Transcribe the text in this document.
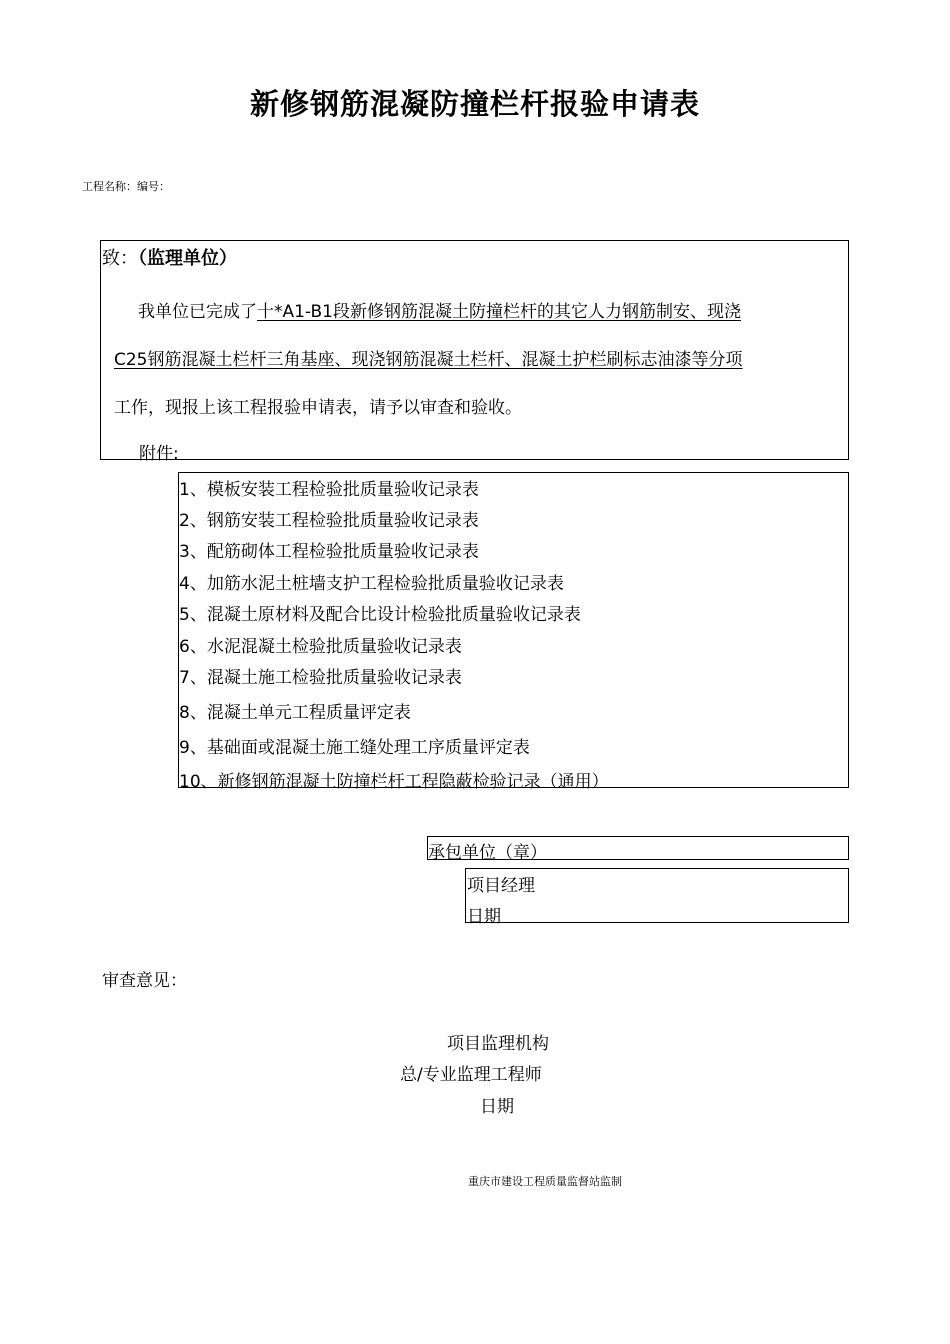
新修钢筋混凝防撞栏杆报验申请表
工程名称：编号：
致：（监理单位）
我单位已完成了十*A1-B1段新修钢筋混凝土防撞栏杆的其它人力钢筋制安、现浇
C25钢筋混凝土栏杆三角基座、现浇钢筋混凝土栏杆、混凝土护栏刷标志油漆等分项
工作，现报上该工程报验申请表，请予以审查和验收。
附件:
1、模板安装工程检验批质量验收记录表
2、钢筋安装工程检验批质量验收记录表
3、配筋砌体工程检验批质量验收记录表
4、加筋水泥土桩墙支护工程检验批质量验收记录表
5、混凝土原材料及配合比设计检验批质量验收记录表
6、水泥混凝土检验批质量验收记录表
7、混凝土施工检验批质量验收记录表
8、混凝土单元工程质量评定表
9、基础面或混凝土施工缝处理工序质量评定表
10、新修钢筋混凝土防撞栏杆工程隐蔽检验记录（通用）
承包单位（章）
项目经理
日期
审查意见：
项目监理机构
总/专业监理工程师
日期
重庆市建设工程质量监督站监制
